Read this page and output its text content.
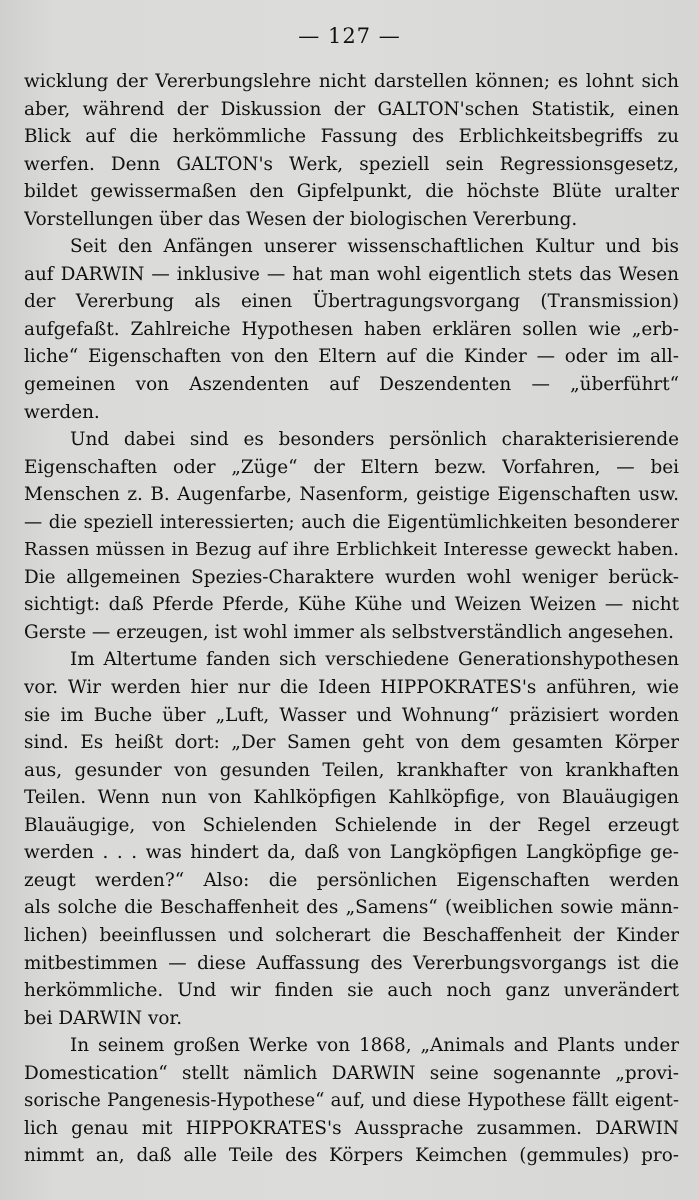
— 127 —
wicklung der Vererbungslehre nicht darstellen können; es lohnt sich
aber, während der Diskussion der GALTON'schen Statistik, einen
Blick auf die herkömmliche Fassung des Erblichkeitsbegriffs zu
werfen. Denn GALTON's Werk, speziell sein Regressionsgesetz,
bildet gewissermaßen den Gipfelpunkt, die höchste Blüte uralter
Vorstellungen über das Wesen der biologischen Vererbung.
Seit den Anfängen unserer wissenschaftlichen Kultur und bis
auf DARWIN — inklusive — hat man wohl eigentlich stets das Wesen
der Vererbung als einen Übertragungsvorgang (Transmission)
aufgefaßt. Zahlreiche Hypothesen haben erklären sollen wie „erb-
liche“ Eigenschaften von den Eltern auf die Kinder — oder im all-
gemeinen von Aszendenten auf Deszendenten — „überführt“
werden.
Und dabei sind es besonders persönlich charakterisierende
Eigenschaften oder „Züge“ der Eltern bezw. Vorfahren, — bei
Menschen z. B. Augenfarbe, Nasenform, geistige Eigenschaften usw.
— die speziell interessierten; auch die Eigentümlichkeiten besonderer
Rassen müssen in Bezug auf ihre Erblichkeit Interesse geweckt haben.
Die allgemeinen Spezies-Charaktere wurden wohl weniger berück-
sichtigt: daß Pferde Pferde, Kühe Kühe und Weizen Weizen — nicht
Gerste — erzeugen, ist wohl immer als selbstverständlich angesehen.
Im Altertume fanden sich verschiedene Generationshypothesen
vor. Wir werden hier nur die Ideen HIPPOKRATES's anführen, wie
sie im Buche über „Luft, Wasser und Wohnung“ präzisiert worden
sind. Es heißt dort: „Der Samen geht von dem gesamten Körper
aus, gesunder von gesunden Teilen, krankhafter von krankhaften
Teilen. Wenn nun von Kahlköpfigen Kahlköpfige, von Blauäugigen
Blauäugige, von Schielenden Schielende in der Regel erzeugt
werden . . . was hindert da, daß von Langköpfigen Langköpfige ge-
zeugt werden?“ Also: die persönlichen Eigenschaften werden
als solche die Beschaffenheit des „Samens“ (weiblichen sowie männ-
lichen) beeinflussen und solcherart die Beschaffenheit der Kinder
mitbestimmen — diese Auffassung des Vererbungsvorgangs ist die
herkömmliche. Und wir finden sie auch noch ganz unverändert
bei DARWIN vor.
In seinem großen Werke von 1868, „Animals and Plants under
Domestication“ stellt nämlich DARWIN seine sogenannte „provi-
sorische Pangenesis-Hypothese“ auf, und diese Hypothese fällt eigent-
lich genau mit HIPPOKRATES's Aussprache zusammen. DARWIN
nimmt an, daß alle Teile des Körpers Keimchen (gemmules) pro-
